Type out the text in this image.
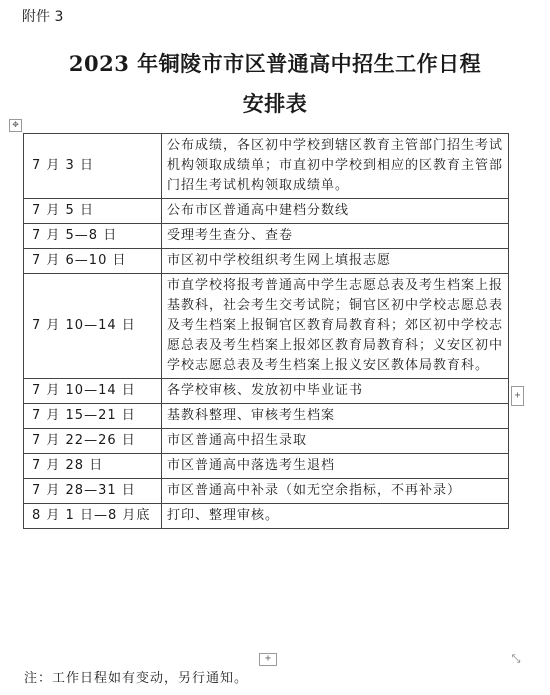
附件 3
2023 年铜陵市市区普通高中招生工作日程
安排表
✥
7 月 3 日	公布成绩，各区初中学校到辖区教育主管部门招生考试机构领取成绩单；市直初中学校到相应的区教育主管部门招生考试机构领取成绩单。
7 月 5 日	公布市区普通高中建档分数线
7 月 5—8 日	受理考生查分、查卷
7 月 6—10 日	市区初中学校组织考生网上填报志愿
7 月 10—14 日	市直学校将报考普通高中学生志愿总表及考生档案上报基教科，社会考生交考试院；铜官区初中学校志愿总表及考生档案上报铜官区教育局教育科；郊区初中学校志愿总表及考生档案上报郊区教育局教育科；义安区初中学校志愿总表及考生档案上报义安区教体局教育科。
7 月 10—14 日	各学校审核、发放初中毕业证书
7 月 15—21 日	基教科整理、审核考生档案
7 月 22—26 日	市区普通高中招生录取
7 月 28 日	市区普通高中落选考生退档
7 月 28—31 日	市区普通高中补录（如无空余指标，不再补录）
8 月 1 日—8 月底	打印、整理审核。
+
+	⤡
注：工作日程如有变动，另行通知。
